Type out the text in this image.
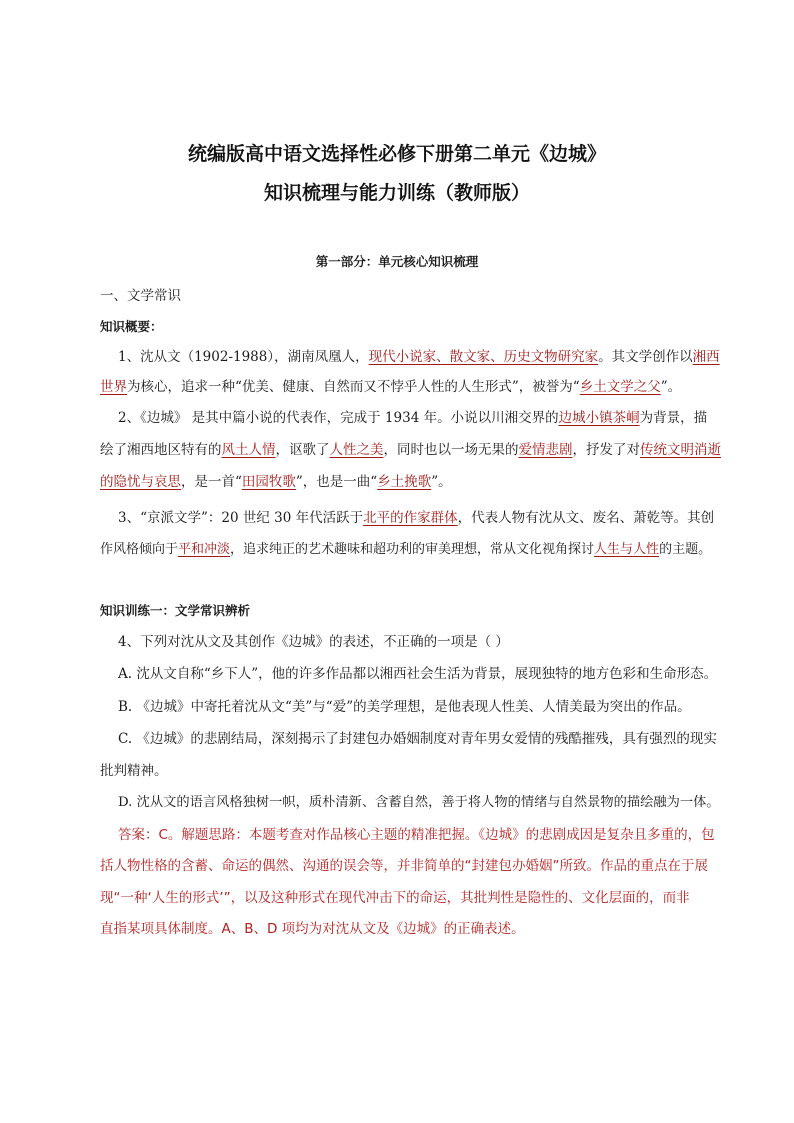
统编版高中语文选择性必修下册第二单元《边城》
知识梳理与能力训练（教师版）
第一部分：单元核心知识梳理
一、文学常识
知识概要：
1、沈从文（1902-1988），湖南凤凰人，现代小说家、散文家、历史文物研究家。其文学创作以湘西
世界为核心，追求一种“优美、健康、自然而又不悖乎人性的人生形式”，被誉为“乡土文学之父”。
2、《边城》 是其中篇小说的代表作，完成于 1934 年。小说以川湘交界的边城小镇茶峒为背景，描
绘了湘西地区特有的风土人情，讴歌了人性之美，同时也以一场无果的爱情悲剧，抒发了对传统文明消逝
的隐忧与哀思，是一首“田园牧歌”，也是一曲“乡土挽歌”。
3、“京派文学”：20 世纪 30 年代活跃于北平的作家群体，代表人物有沈从文、废名、萧乾等。其创
作风格倾向于平和冲淡，追求纯正的艺术趣味和超功利的审美理想，常从文化视角探讨人生与人性的主题。
知识训练一：文学常识辨析
4、下列对沈从文及其创作《边城》的表述，不正确的一项是（ ）
A. 沈从文自称“乡下人”，他的许多作品都以湘西社会生活为背景，展现独特的地方色彩和生命形态。
B. 《边城》中寄托着沈从文“美”与“爱”的美学理想，是他表现人性美、人情美最为突出的作品。
C. 《边城》的悲剧结局，深刻揭示了封建包办婚姻制度对青年男女爱情的残酷摧残，具有强烈的现实
批判精神。
D. 沈从文的语言风格独树一帜，质朴清新、含蓄自然，善于将人物的情绪与自然景物的描绘融为一体。
答案：C。解题思路：本题考查对作品核心主题的精准把握。《边城》的悲剧成因是复杂且多重的，包
括人物性格的含蓄、命运的偶然、沟通的误会等，并非简单的“封建包办婚姻”所致。作品的重点在于展
现“一种‘人生的形式’”，以及这种形式在现代冲击下的命运，其批判性是隐性的、文化层面的，而非
直指某项具体制度。A、B、D 项均为对沈从文及《边城》的正确表述。
